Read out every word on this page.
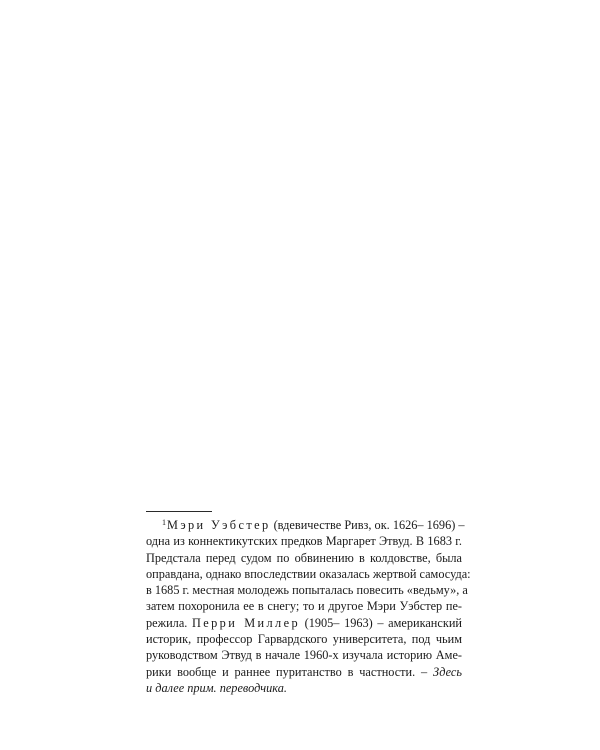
$^1$Мэри Уэбстер (вдевичестве Ривз, ок. 1626– 1696) –
одна из коннектикутских предков Маргарет Этвуд. В 1683 г.
Предстала перед судом по обвинению в колдовстве, была
оправдана, однако впоследствии оказалась жертвой самосуда:
в 1685 г. местная молодежь попыталась повесить «ведьму», а
затем похоронила ее в снегу; то и другое Мэри Уэбстер пе-
режила. Перри Миллер (1905– 1963) – американский
историк, профессор Гарвардского университета, под чьим
руководством Этвуд в начале 1960-х изучала историю Аме-
рики вообще и раннее пуританство в частности. – Здесь
и далее прим. переводчика.
